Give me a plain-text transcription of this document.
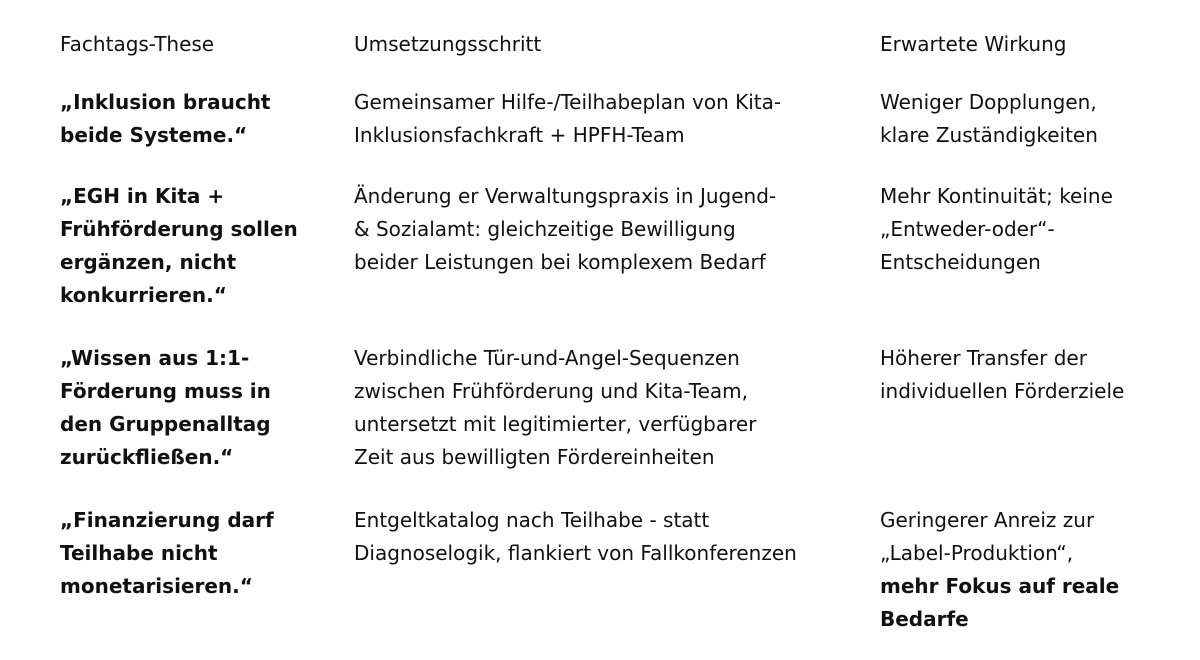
Fachtags-These	Umsetzungsschritt	Erwartete Wirkung
„Inklusion braucht
beide Systeme.“
Gemeinsamer Hilfe-/Teilhabeplan von Kita-
Inklusionsfachkraft + HPFH-Team
Weniger Dopplungen,
klare Zuständigkeiten
„EGH in Kita +
Frühförderung sollen
ergänzen, nicht
konkurrieren.“
Änderung er Verwaltungspraxis in Jugend-
& Sozialamt: gleichzeitige Bewilligung
beider Leistungen bei komplexem Bedarf
Mehr Kontinuität; keine
„Entweder-oder“-
Entscheidungen
„Wissen aus 1:1-
Förderung muss in
den Gruppenalltag
zurückfließen.“
Verbindliche Tür-und-Angel-Sequenzen
zwischen Frühförderung und Kita-Team,
untersetzt mit legitimierter, verfügbarer
Zeit aus bewilligten Fördereinheiten
Höherer Transfer der
individuellen Förderziele
„Finanzierung darf
Teilhabe nicht
monetarisieren.“
Entgeltkatalog nach Teilhabe - statt
Diagnoselogik, flankiert von Fallkonferenzen
Geringerer Anreiz zur
„Label-Produktion“,
mehr Fokus auf reale
Bedarfe
